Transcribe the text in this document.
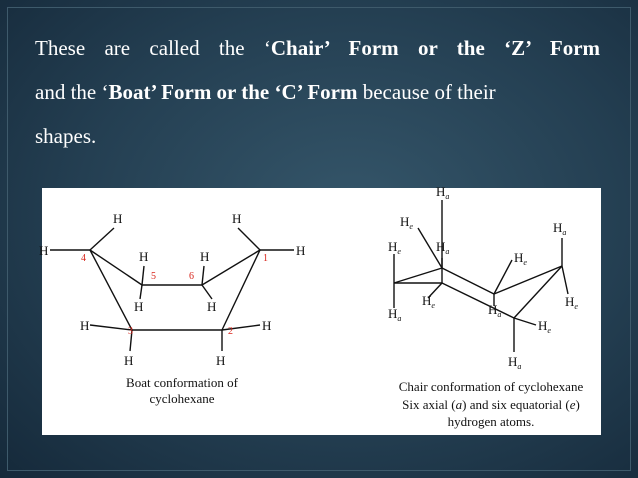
These are called the ‘Chair’ Form or the ‘Z’ Form
and the ‘Boat’ Form or the ‘C’ Form because of their
shapes.
H
H	H
H
H	H
H	H
H	H
H	H
1
2
3
4
5	6
Boat conformation of
cyclohexane
$H_a$
$H_e$
$H_e$	$H_a$
$H_a$
$H_e$
$H_e$
$H_a$
$H_a$
$H_e$
$H_e$
$H_a$
Chair conformation of cyclohexane
Six axial (a) and six equatorial (e)
hydrogen atoms.
